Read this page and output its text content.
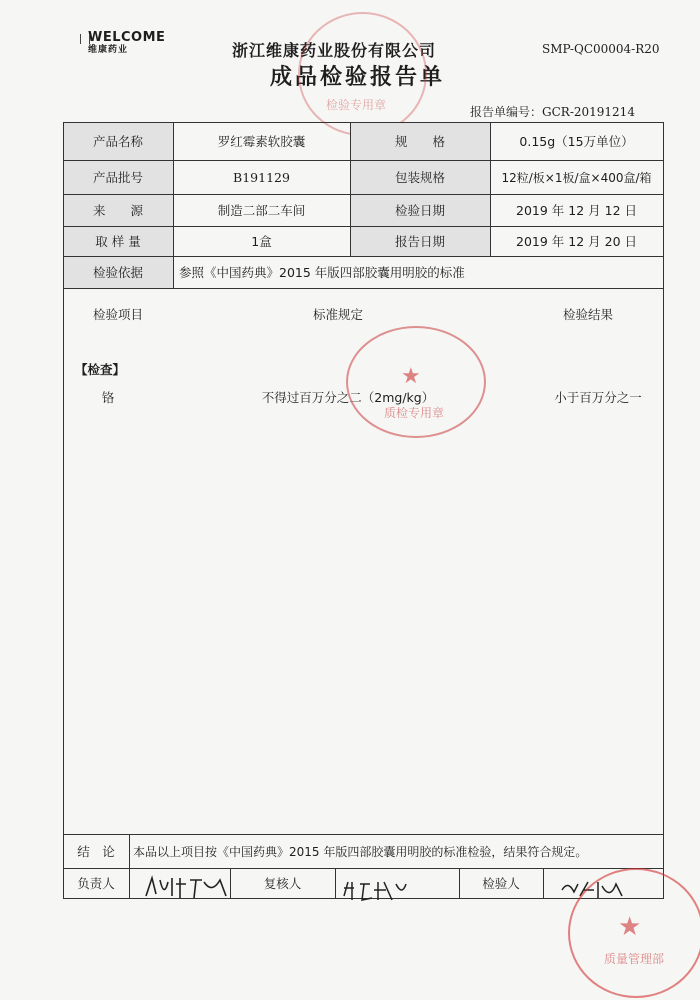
WELCOME
维康药业	浙江维康药业股份有限公司	SMP-QC00004-R20
成品检验报告单
报告单编号：GCR-20191214
检验专用章
产品名称	罗红霉素软胶囊	规　　格	0.15g（15万单位）
产品批号	B191129	包装规格	12粒/板×1板/盒×400盒/箱
来　　源	制造二部二车间	检验日期	2019 年 12 月 12 日
取 样 量	1盒	报告日期	2019 年 12 月 20 日
检验依据	参照《中国药典》2015 年版四部胶囊用明胶的标准
检验项目	标准规定	检验结果
【检查】
铬	不得过百万分之二（2mg/kg）	小于百万分之一
结　论	本品以上项目按《中国药典》2015 年版四部胶囊用明胶的标准检验，结果符合规定。
负责人	复核人	检验人
★
质检专用章
★
质量管理部
